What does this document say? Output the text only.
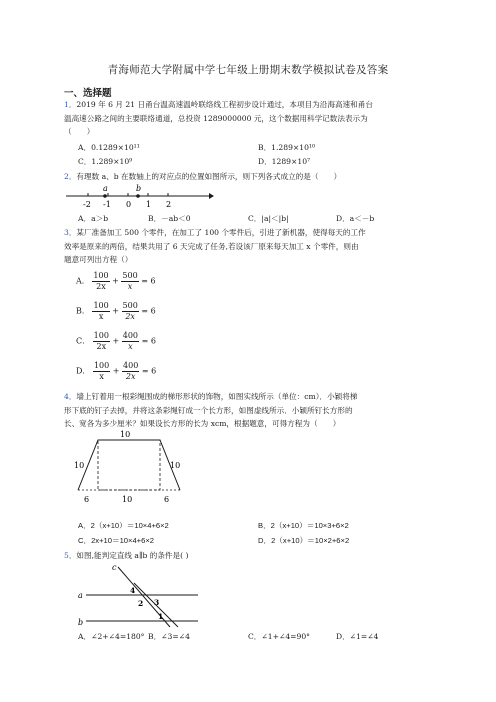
青海师范大学附属中学七年级上册期末数学模拟试卷及答案
一、选择题
1．2019 年 6 月 21 日甬台温高速温岭联络线工程初步设计通过，本项目为沿海高速和甬台
温高速公路之间的主要联络通道，总投资 1289000000 元，这个数据用科学记数法表示为
（　　）
A．0.1289×10¹¹	B．1.289×10¹⁰
C．1.289×10⁹	D．1289×10⁷
2．有理数 a、b 在数轴上的对应点的位置如图所示，则下列各式成立的是（　　）
a	b
-2 -1 0 1 2
A．a＞b	B．－ab＜0	C．|a|＜|b|	D．a＜－b
3．某厂准备加工 500 个零件，在加工了 100 个零件后，引进了新机器，使得每天的工作
效率是原来的两倍，结果共用了 6 天完成了任务,若设该厂原来每天加工 x 个零件，则由
题意可列出方程（）
A． $\frac{100}{2x} + \frac{500}{x} = 6$
B． $\frac{100}{x} + \frac{500}{2x} = 6$
C． $\frac{100}{2x} + \frac{400}{x} = 6$
D． $\frac{100}{x} + \frac{400}{2x} = 6$
4．墙上钉着用一根彩绳围成的梯形形状的饰物，如图实线所示（单位：cm）．小颖将梯
形下底的钉子去掉，并将这条彩绳钉成一个长方形，如图虚线所示．小颖所钉长方形的
长、宽各为多少厘米？如果设长方形的长为 xcm，根据题意，可得方程为（　　）
10
10	10
6	10	6
A．2（x+10）＝10×4+6×2	B．2（x+10）＝10×3+6×2
C．2x+10＝10×4+6×2	D．2（x+10）＝10×2+6×2
5．如图,能判定直线 a∥b 的条件是( )
c
a
b
4
2 3
1
A．∠2+∠4=180° B．∠3=∠4	C．∠1+∠4=90°	D．∠1=∠4
